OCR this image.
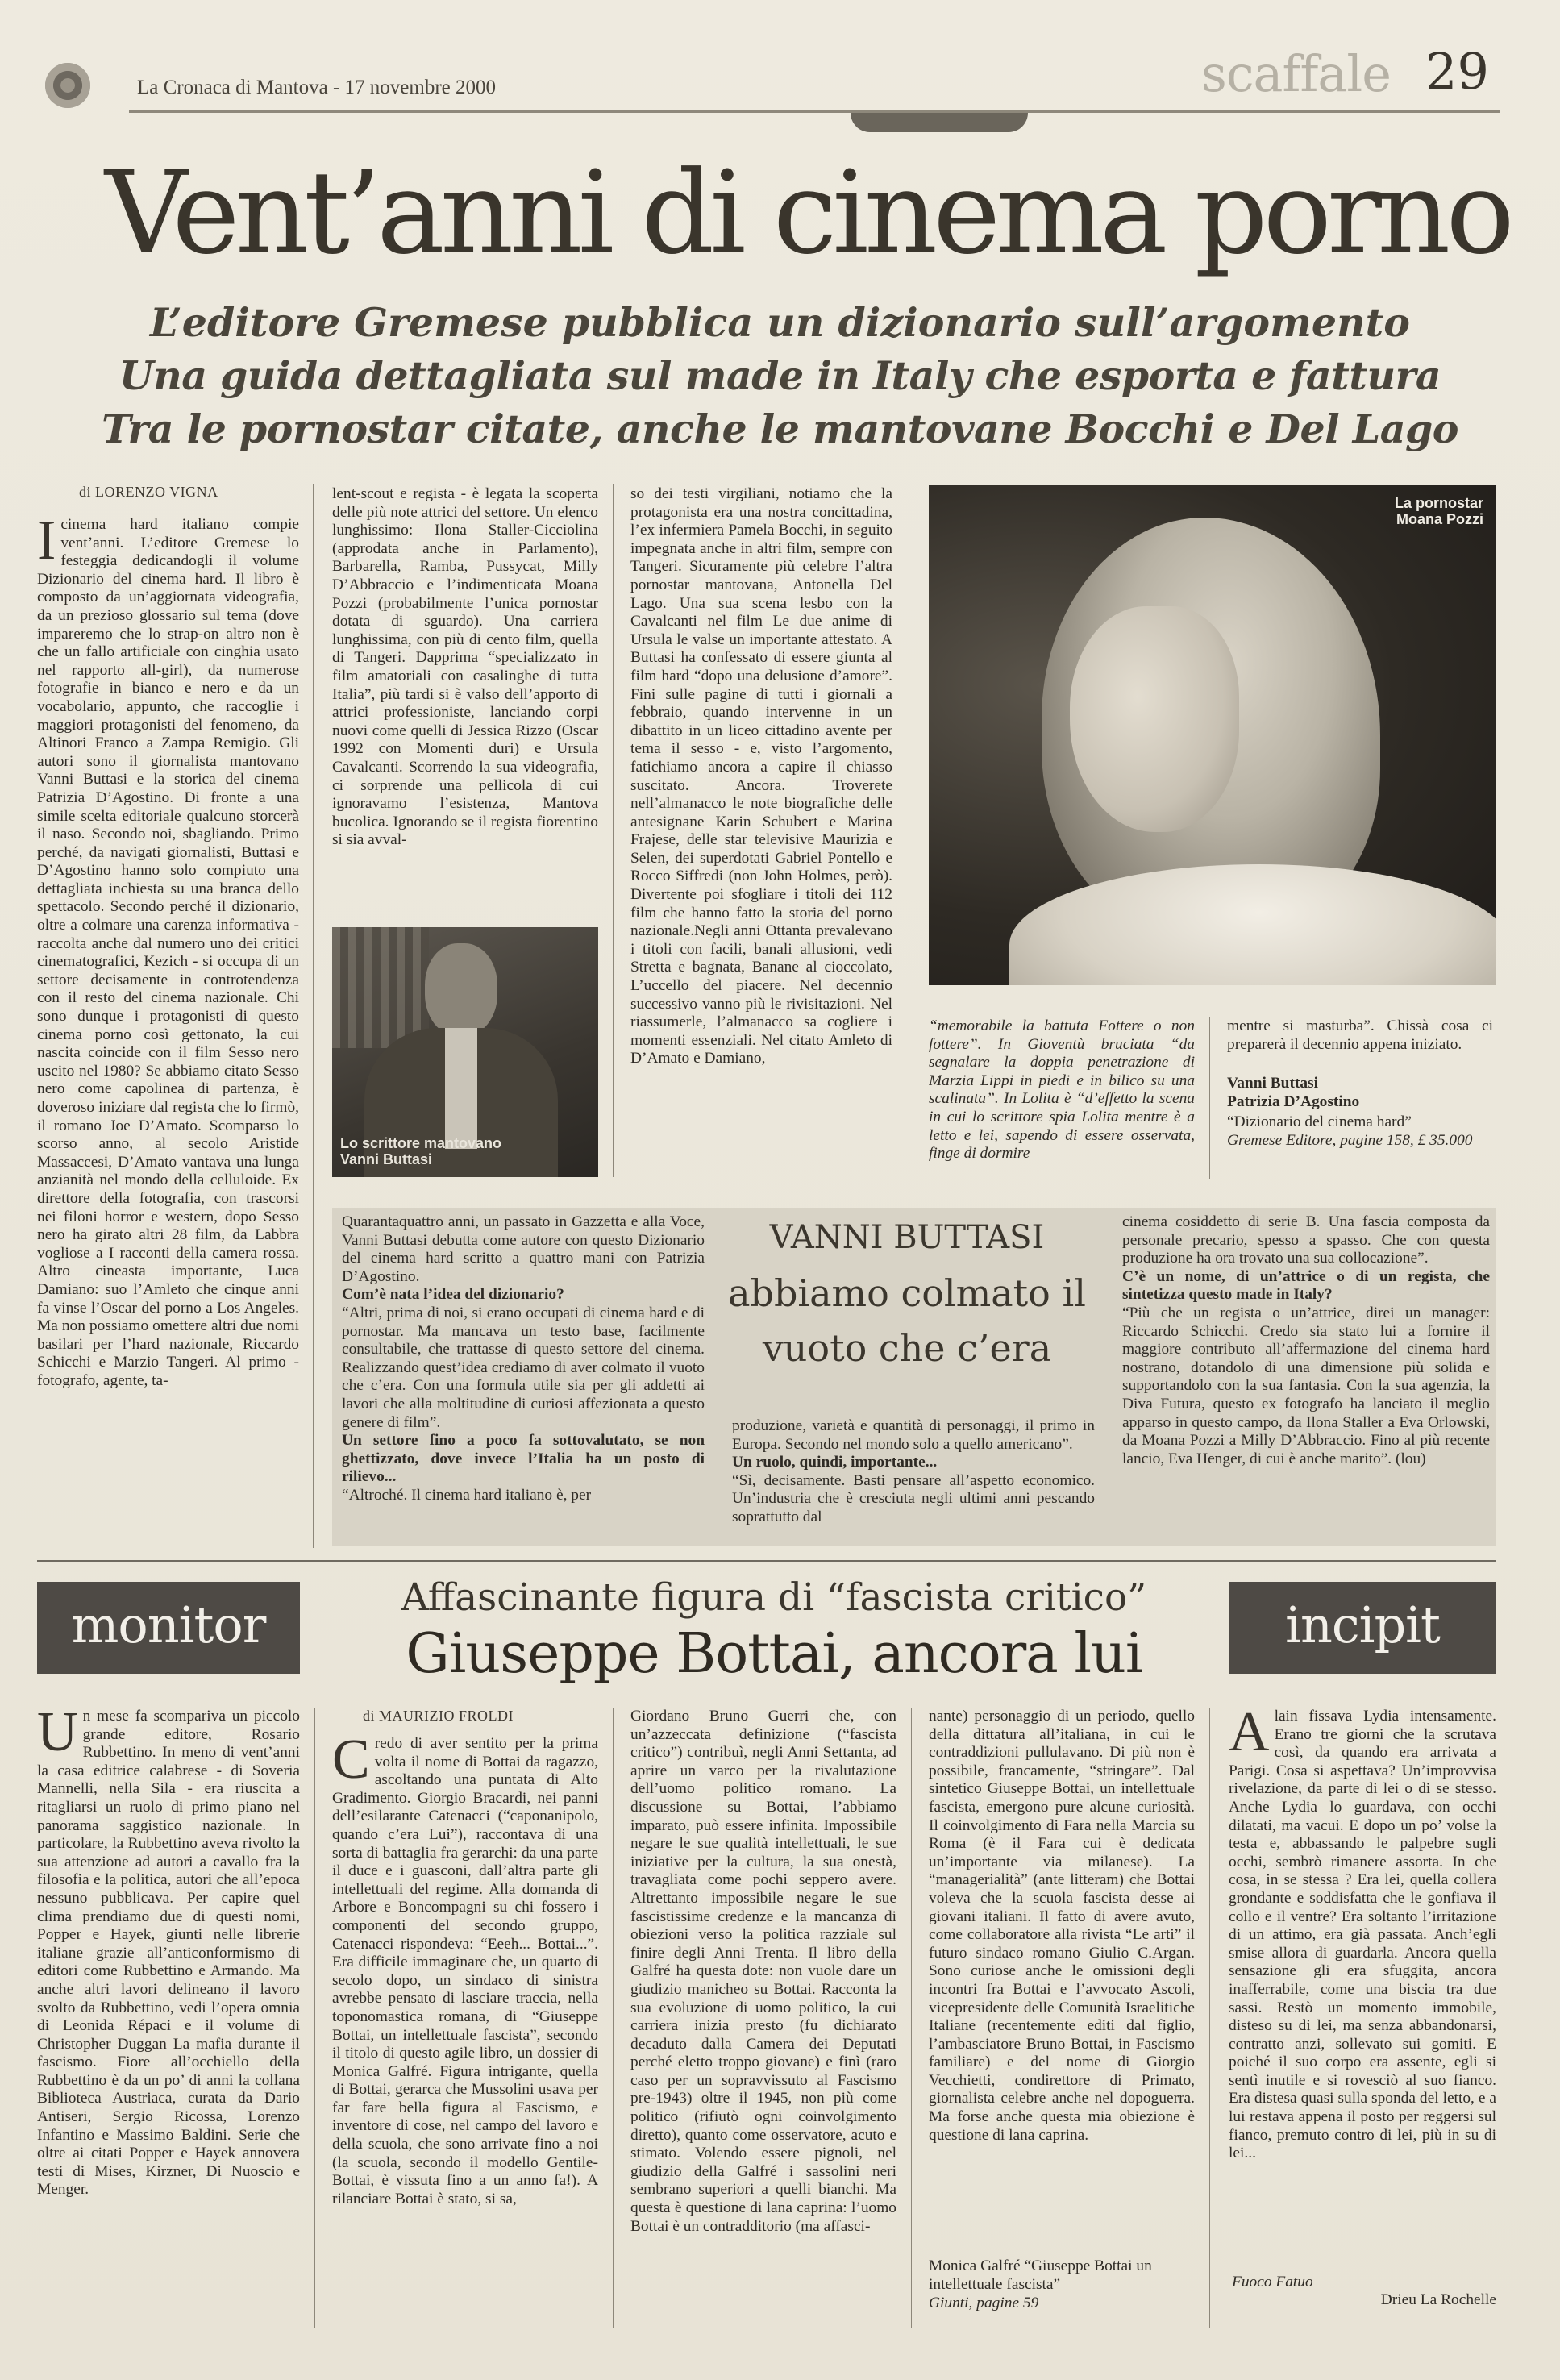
La Cronaca di Mantova - 17 novembre 2000	scaffale 29
Vent’anni di cinema porno
L’editore Gremese pubblica un dizionario sull’argomento
Una guida dettagliata sul made in Italy che esporta e fattura
Tra le pornostar citate, anche le mantovane Bocchi e Del Lago
di LORENZO VIGNA
Icinema hard italiano compie vent’anni. L’editore Gremese lo festeggia dedicandogli il volume Dizionario del cinema hard. Il libro è composto da un’aggiornata videografia, da un prezioso glossario sul tema (dove impareremo che lo strap-on altro non è che un fallo artificiale con cinghia usato nel rapporto all-girl), da numerose fotografie in bianco e nero e da un vocabolario, appunto, che raccoglie i maggiori protagonisti del fenomeno, da Altinori Franco a Zampa Remigio. Gli autori sono il giornalista mantovano Vanni Buttasi e la storica del cinema Patrizia D’Agostino. Di fronte a una simile scelta editoriale qualcuno storcerà il naso. Secondo noi, sbagliando. Primo perché, da navigati giornalisti, Buttasi e D’Agostino hanno solo compiuto una dettagliata inchiesta su una branca dello spettacolo. Secondo perché il dizionario, oltre a colmare una carenza informativa - raccolta anche dal numero uno dei critici cinematografici, Kezich - si occupa di un settore decisamente in controtendenza con il resto del cinema nazionale. Chi sono dunque i protagonisti di questo cinema porno così gettonato, la cui nascita coincide con il film Sesso nero uscito nel 1980? Se abbiamo citato Sesso nero come capolinea di partenza, è doveroso iniziare dal regista che lo firmò, il romano Joe D’Amato. Scomparso lo scorso anno, al secolo Aristide Massaccesi, D’Amato vantava una lunga anzianità nel mondo della celluloide. Ex direttore della fotografia, con trascorsi nei filoni horror e western, dopo Sesso nero ha girato altri 28 film, da Labbra vogliose a I racconti della camera rossa. Altro cineasta importante, Luca Damiano: suo l’Amleto che cinque anni fa vinse l’Oscar del porno a Los Angeles. Ma non possiamo omettere altri due nomi basilari per l’hard nazionale, Riccardo Schicchi e Marzio Tangeri. Al primo - fotografo, agente, ta-
lent-scout e regista - è legata la scoperta delle più note attrici del settore. Un elenco lunghissimo: Ilona Staller-Cicciolina (approdata anche in Parlamento), Barbarella, Ramba, Pussycat, Milly D’Abbraccio e l’indimenticata Moana Pozzi (probabilmente l’unica pornostar dotata di sguardo). Una carriera lunghissima, con più di cento film, quella di Tangeri. Dapprima “specializzato in film amatoriali con casalinghe di tutta Italia”, più tardi si è valso dell’apporto di attrici professioniste, lanciando corpi nuovi come quelli di Jessica Rizzo (Oscar 1992 con Momenti duri) e Ursula Cavalcanti. Scorrendo la sua videografia, ci sorprende una pellicola di cui ignoravamo l’esistenza, Mantova bucolica. Ignorando se il regista fiorentino si sia avval-
so dei testi virgiliani, notiamo che la protagonista era una nostra concittadina, l’ex infermiera Pamela Bocchi, in seguito impegnata anche in altri film, sempre con Tangeri. Sicuramente più celebre l’altra pornostar mantovana, Antonella Del Lago. Una sua scena lesbo con la Cavalcanti nel film Le due anime di Ursula le valse un importante attestato. A Buttasi ha confessato di essere giunta al film hard “dopo una delusione d’amore”. Fini sulle pagine di tutti i giornali a febbraio, quando intervenne in un dibattito in un liceo cittadino avente per tema il sesso - e, visto l’argomento, fatichiamo ancora a capire il chiasso suscitato. Ancora. Troverete nell’almanacco le note biografiche delle antesignane Karin Schubert e Marina Frajese, delle star televisive Maurizia e Selen, dei superdotati Gabriel Pontello e Rocco Siffredi (non John Holmes, però). Divertente poi sfogliare i titoli dei 112 film che hanno fatto la storia del porno nazionale.Negli anni Ottanta prevalevano i titoli con facili, banali allusioni, vedi Stretta e bagnata, Banane al cioccolato, L’uccello del piacere. Nel decennio successivo vanno più le rivisitazioni. Nel riassumerle, l’almanacco sa cogliere i momenti essenziali. Nel citato Amleto di D’Amato e Damiano,
Lo scrittore mantovano
Vanni Buttasi
La pornostar
Moana Pozzi
“memorabile la battuta Fottere o non fottere”. In Gioventù bruciata “da segnalare la doppia penetrazione di Marzia Lippi in piedi e in bilico su una scalinata”. In Lolita è “d’effetto la scena in cui lo scrittore spia Lolita mentre è a letto e lei, sapendo di essere osservata, finge di dormire
mentre si masturba”. Chissà cosa ci preparerà il decennio appena iniziato.
Vanni Buttasi
Patrizia D’Agostino
“Dizionario del cinema hard”
Gremese Editore, pagine 158, £ 35.000
Quarantaquattro anni, un passato in Gazzetta e alla Voce, Vanni Buttasi debutta come autore con questo Dizionario del cinema hard scritto a quattro mani con Patrizia D’Agostino.
Com’è nata l’idea del dizionario?
“Altri, prima di noi, si erano occupati di cinema hard e di pornostar. Ma mancava un testo base, facilmente consultabile, che trattasse di questo settore del cinema. Realizzando quest’idea crediamo di aver colmato il vuoto che c’era. Con una formula utile sia per gli addetti ai lavori che alla moltitudine di curiosi affezionata a questo genere di film”.
Un settore fino a poco fa sottovalutato, se non ghettizzato, dove invece l’Italia ha un posto di rilievo...
“Altroché. Il cinema hard italiano è, per
VANNI BUTTASI
abbiamo colmato il vuoto che c’era
produzione, varietà e quantità di personaggi, il primo in Europa. Secondo nel mondo solo a quello americano”.
Un ruolo, quindi, importante...
“Sì, decisamente. Basti pensare all’aspetto economico. Un’industria che è cresciuta negli ultimi anni pescando soprattutto dal
cinema cosiddetto di serie B. Una fascia composta da personale precario, spesso a spasso. Che con questa produzione ha ora trovato una sua collocazione”.
C’è un nome, di un’attrice o di un regista, che sintetizza questo made in Italy?
“Più che un regista o un’attrice, direi un manager: Riccardo Schicchi. Credo sia stato lui a fornire il maggiore contributo all’affermazione del cinema hard nostrano, dotandolo di una dimensione più solida e supportandolo con la sua fantasia. Con la sua agenzia, la Diva Futura, questo ex fotografo ha lanciato il meglio apparso in questo campo, da Ilona Staller a Eva Orlowski, da Moana Pozzi a Milly D’Abbraccio. Fino al più recente lancio, Eva Henger, di cui è anche marito”. (lou)
monitor
Un mese fa scompariva un piccolo grande editore, Rosario Rubbettino. In meno di vent’anni la casa editrice calabrese - di Soveria Mannelli, nella Sila - era riuscita a ritagliarsi un ruolo di primo piano nel panorama saggistico nazionale. In particolare, la Rubbettino aveva rivolto la sua attenzione ad autori a cavallo fra la filosofia e la politica, autori che all’epoca nessuno pubblicava. Per capire quel clima prendiamo due di questi nomi, Popper e Hayek, giunti nelle librerie italiane grazie all’anticonformismo di editori come Rubbettino e Armando. Ma anche altri lavori delineano il lavoro svolto da Rubbettino, vedi l’opera omnia di Leonida Répaci e il volume di Christopher Duggan La mafia durante il fascismo. Fiore all’occhiello della Rubbettino è da un po’ di anni la collana Biblioteca Austriaca, curata da Dario Antiseri, Sergio Ricossa, Lorenzo Infantino e Massimo Baldini. Serie che oltre ai citati Popper e Hayek annovera testi di Mises, Kirzner, Di Nuoscio e Menger.
Affascinante figura di “fascista critico”
Giuseppe Bottai, ancora lui
di MAURIZIO FROLDI
Credo di aver sentito per la prima volta il nome di Bottai da ragazzo, ascoltando una puntata di Alto Gradimento. Giorgio Bracardi, nei panni dell’esilarante Catenacci (“caponanipolo, quando c’era Lui”), raccontava di una sorta di battaglia fra gerarchi: da una parte il duce e i guasconi, dall’altra parte gli intellettuali del regime. Alla domanda di Arbore e Boncompagni su chi fossero i componenti del secondo gruppo, Catenacci rispondeva: “Eeeh... Bottai...”. Era difficile immaginare che, un quarto di secolo dopo, un sindaco di sinistra avrebbe pensato di lasciare traccia, nella toponomastica romana, di “Giuseppe Bottai, un intellettuale fascista”, secondo il titolo di questo agile libro, un dossier di Monica Galfré. Figura intrigante, quella di Bottai, gerarca che Mussolini usava per far fare bella figura al Fascismo, e inventore di cose, nel campo del lavoro e della scuola, che sono arrivate fino a noi (la scuola, secondo il modello Gentile-Bottai, è vissuta fino a un anno fa!). A rilanciare Bottai è stato, si sa,
Giordano Bruno Guerri che, con un’azzeccata definizione (“fascista critico”) contribuì, negli Anni Settanta, ad aprire un varco per la rivalutazione dell’uomo politico romano. La discussione su Bottai, l’abbiamo imparato, può essere infinita. Impossibile negare le sue qualità intellettuali, le sue iniziative per la cultura, la sua onestà, travagliata come pochi seppero avere. Altrettanto impossibile negare le sue fascistissime credenze e la mancanza di obiezioni verso la politica razziale sul finire degli Anni Trenta. Il libro della Galfré ha questa dote: non vuole dare un giudizio manicheo su Bottai. Racconta la sua evoluzione di uomo politico, la cui carriera inizia presto (fu dichiarato decaduto dalla Camera dei Deputati perché eletto troppo giovane) e finì (raro caso per un sopravvissuto al Fascismo pre-1943) oltre il 1945, non più come politico (rifiutò ogni coinvolgimento diretto), quanto come osservatore, acuto e stimato. Volendo essere pignoli, nel giudizio della Galfré i sassolini neri sembrano superiori a quelli bianchi. Ma questa è questione di lana caprina: l’uomo Bottai è un contradditorio (ma affasci-
nante) personaggio di un periodo, quello della dittatura all’italiana, in cui le contraddizioni pullulavano. Di più non è possibile, francamente, “stringare”. Dal sintetico Giuseppe Bottai, un intellettuale fascista, emergono pure alcune curiosità. Il coinvolgimento di Fara nella Marcia su Roma (è il Fara cui è dedicata un’importante via milanese). La “managerialità” (ante litteram) che Bottai voleva che la scuola fascista desse ai giovani italiani. Il fatto di avere avuto, come collaboratore alla rivista “Le arti” il futuro sindaco romano Giulio C.Argan. Sono curiose anche le omissioni degli incontri fra Bottai e l’avvocato Ascoli, vicepresidente delle Comunità Israelitiche Italiane (recentemente editi dal figlio, l’ambasciatore Bruno Bottai, in Fascismo familiare) e del nome di Giorgio Vecchietti, condirettore di Primato, giornalista celebre anche nel dopoguerra. Ma forse anche questa mia obiezione è questione di lana caprina.
Monica Galfré “Giuseppe Bottai un intellettuale fascista”
Giunti, pagine 59
incipit
Alain fissava Lydia intensamente. Erano tre giorni che la scrutava così, da quando era arrivata a Parigi. Cosa si aspettava? Un’improvvisa rivelazione, da parte di lei o di se stesso. Anche Lydia lo guardava, con occhi dilatati, ma vacui. E dopo un po’ volse la testa e, abbassando le palpebre sugli occhi, sembrò rimanere assorta. In che cosa, in se stessa ? Era lei, quella collera grondante e soddisfatta che le gonfiava il collo e il ventre? Era soltanto l’irritazione di un attimo, era già passata. Anch’egli smise allora di guardarla. Ancora quella sensazione gli era sfuggita, ancora inafferrabile, come una biscia tra due sassi. Restò un momento immobile, disteso su di lei, ma senza abbandonarsi, contratto anzi, sollevato sui gomiti. E poiché il suo corpo era assente, egli si sentì inutile e si rovesciò al suo fianco. Era distesa quasi sulla sponda del letto, e a lui restava appena il posto per reggersi sul fianco, premuto contro di lei, più in su di lei...
Fuoco Fatuo
Drieu La Rochelle
